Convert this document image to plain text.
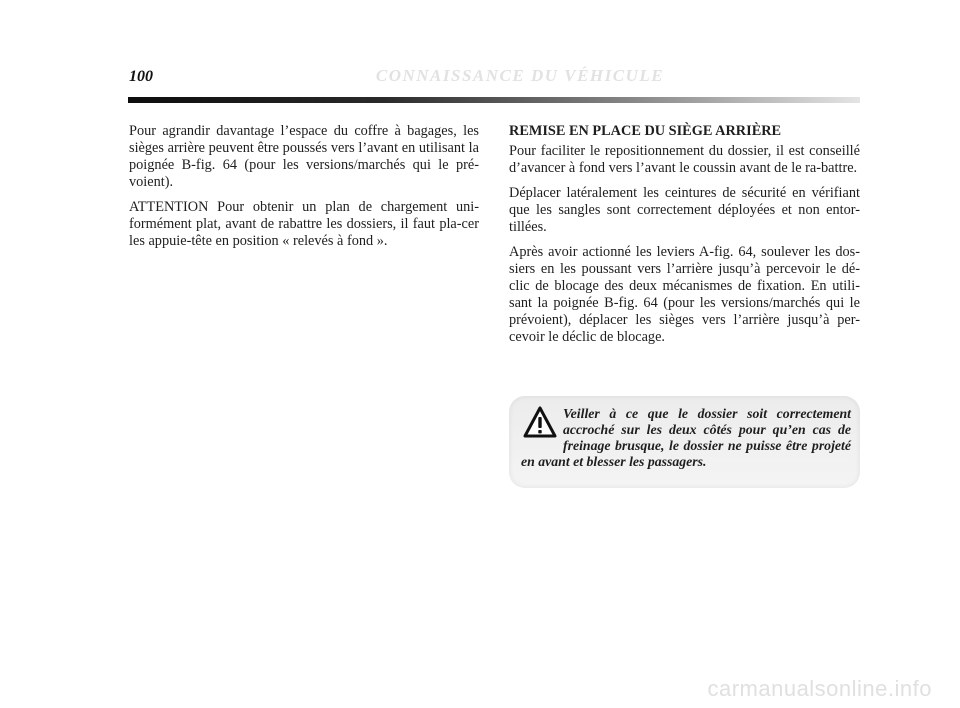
100	CONNAISSANCE DU VÉHICULE

Pour agrandir davantage l’espace du coffre à bagages, les sièges arrière peuvent être poussés vers l’avant en utilisant la poignée B-fig. 64 (pour les versions/marchés qui le pré-voient).

ATTENTION Pour obtenir un plan de chargement uni-formément plat, avant de rabattre les dossiers, il faut pla-cer les appuie-tête en position « relevés à fond ».

REMISE EN PLACE DU SIÈGE ARRIÈRE

Pour faciliter le repositionnement du dossier, il est conseillé d’avancer à fond vers l’avant le coussin avant de le ra-battre.

Déplacer latéralement les ceintures de sécurité en vérifiant que les sangles sont correctement déployées et non entor-tillées.

Après avoir actionné les leviers A-fig. 64, soulever les dos-siers en les poussant vers l’arrière jusqu’à percevoir le dé-clic de blocage des deux mécanismes de fixation. En utili-sant la poignée B-fig. 64 (pour les versions/marchés qui le prévoient), déplacer les sièges vers l’arrière jusqu’à per-cevoir le déclic de blocage.

Veiller à ce que le dossier soit correctement accroché sur les deux côtés pour qu’en cas de freinage brusque, le dossier ne puisse être projeté en avant et blesser les passagers.
carmanualsonline.info
